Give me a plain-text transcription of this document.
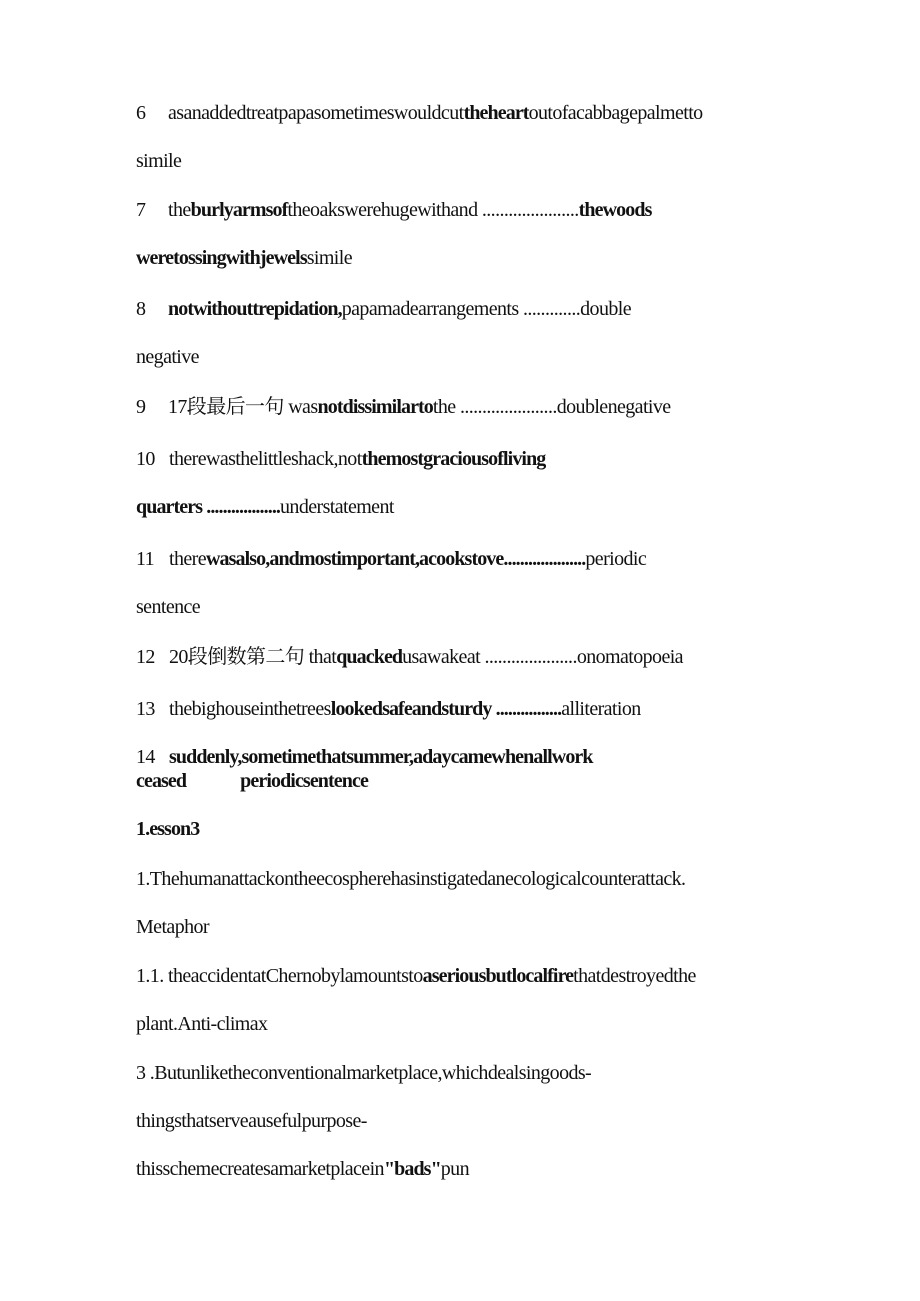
6 asanaddedtreatpapasometimeswouldcuttheheartoutofacabbagepalmetto
simile
7 theburlyarmsoftheoakswerehugewithand ......................thewoods
weretossingwithjewelssimile
8 notwithouttrepidation,papamadearrangements .............double
negative
9 17段最后一句 wasnotdissimilartothe ......................doublenegative
10 therewasthelittleshack,notthemostgraciousofliving
quarters ..................understatement
11 therewasalso,andmostimportant,acookstove....................periodic
sentence
12 20段倒数第二句 thatquackedusawakeat .....................onomatopoeia
13 thebighouseinthetreeslookedsafeandsturdy ................alliteration
14 suddenly,sometimethatsummer,adaycamewhenallwork
ceased	periodicsentence
1.esson3
1.Thehumanattackontheecospherehasinstigatedanecologicalcounterattack.
Metaphor
1.1. theaccidentatChernobylamountstoaseriousbutlocalfirethatdestroyedthe
plant.Anti-climax
3 .Butunliketheconventionalmarketplace,whichdealsingoods-
thingsthatserveausefulpurpose-
thisschemecreatesamarketplacein"bads"pun
